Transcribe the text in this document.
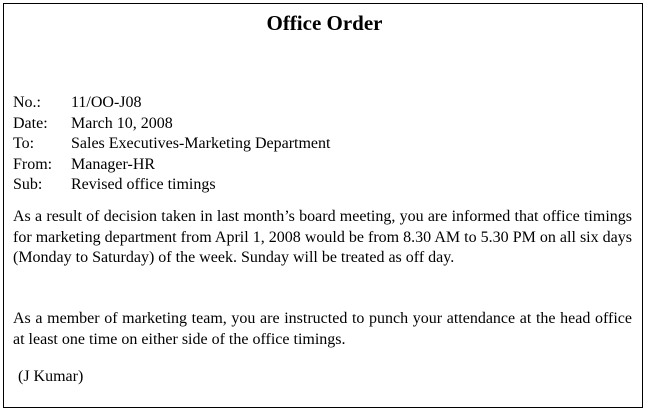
Office Order
No.:	11/OO-J08
Date:	March 10, 2008
To:	Sales Executives-Marketing Department
From:	Manager-HR
Sub:	Revised office timings

As a result of decision taken in last month’s board meeting, you are informed that office timings for marketing department from April 1, 2008 would be from 8.30 AM to 5.30 PM on all six days (Monday to Saturday) of the week. Sunday will be treated as off day.

As a member of marketing team, you are instructed to punch your attendance at the head office at least one time on either side of the office timings.

(J Kumar)
